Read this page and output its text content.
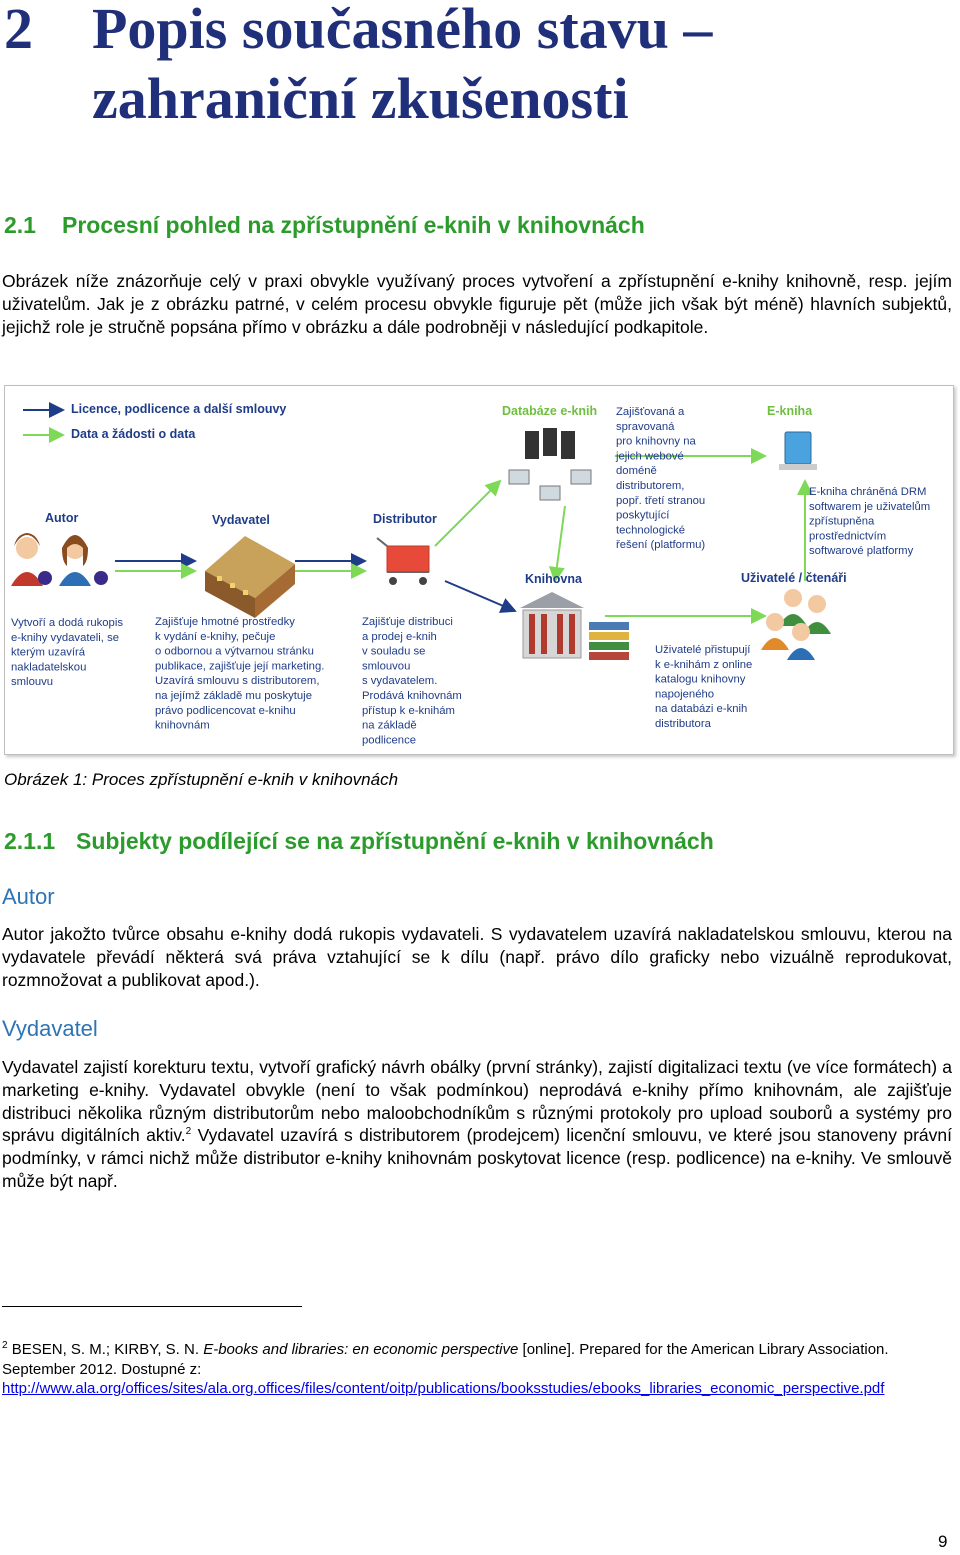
2 Popis současného stavu –
zahraniční zkušenosti
2.1 Procesní pohled na zpřístupnění e-knih v knihovnách
Obrázek níže znázorňuje celý v praxi obvykle využívaný proces vytvoření a zpřístupnění e-knihy knihovně, resp. jejím uživatelům. Jak je z obrázku patrné, v celém procesu obvykle figuruje pět (může jich však být méně) hlavních subjektů, jejichž role je stručně popsána přímo v obrázku a dále podrobněji v následující podkapitole.
Licence, podlicence a další smlouvy
Data a žádosti o data
Autor	Vydavatel	Distributor
Databáze e-knih	E-kniha
Knihovna	Uživatelé / čtenáři
Zajišťovaná a spravovaná pro knihovny na jejich webové doméně distributorem, popř. třetí stranou poskytující technologické řešení (platformu)
E-kniha chráněná DRM softwarem je uživatelům zpřístupněna prostřednictvím softwarové platformy
Vytvoří a dodá rukopis e-knihy vydavateli, se kterým uzavírá nakladatelskou smlouvu
Zajišťuje hmotné prostředky k vydání e-knihy, pečuje o odbornou a výtvarnou stránku publikace, zajišťuje její marketing. Uzavírá smlouvu s distributorem, na jejímž základě mu poskytuje právo podlicencovat e-knihu knihovnám
Zajišťuje distribuci a prodej e-knih v souladu se smlouvou s vydavatelem. Prodává knihovnám přístup k e-knihám na základě podlicence
Uživatelé přistupují k e-knihám z online katalogu knihovny napojeného na databázi e-knih distributora
Obrázek 1: Proces zpřístupnění e-knih v knihovnách
2.1.1 Subjekty podílející se na zpřístupnění e-knih v knihovnách
Autor
Autor jakožto tvůrce obsahu e-knihy dodá rukopis vydavateli. S vydavatelem uzavírá nakladatelskou smlouvu, kterou na vydavatele převádí některá svá práva vztahující se k dílu (např. právo dílo graficky nebo vizuálně reprodukovat, rozmnožovat a publikovat apod.).
Vydavatel
Vydavatel zajistí korekturu textu, vytvoří grafický návrh obálky (první stránky), zajistí digitalizaci textu (ve více formátech) a marketing e-knihy. Vydavatel obvykle (není to však podmínkou) neprodává e-knihy přímo knihovnám, ale zajišťuje distribuci několika různým distributorům nebo maloobchodníkům s různými protokoly pro upload souborů a systémy pro správu digitálních aktiv.$^2$ Vydavatel uzavírá s distributorem (prodejcem) licenční smlouvu, ve které jsou stanoveny právní podmínky, v rámci nichž může distributor e-knihy knihovnám poskytovat licence (resp. podlicence) na e-knihy. Ve smlouvě může být např.
$^2$ BESEN, S. M.; KIRBY, S. N. E-books and libraries: en economic perspective [online]. Prepared for the American Library Association. September 2012. Dostupné z:
http://www.ala.org/offices/sites/ala.org.offices/files/content/oitp/publications/booksstudies/ebooks_libraries_economic_perspective.pdf
9
